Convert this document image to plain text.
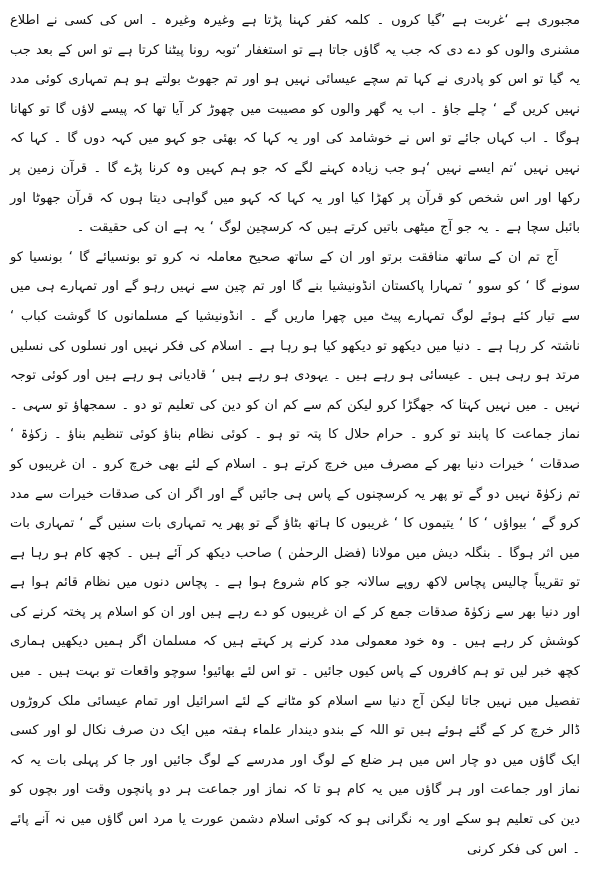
مجبوری ہے ‘غربت ہے ’گیا کروں ۔ کلمہ کفر کہنا پڑتا ہے وغیرہ وغیرہ ۔ اس کی کسی نے اطلاع مشنری والوں کو دے دی کہ جب یہ گاؤں جاتا ہے تو استغفار ‘توبہ رونا پیٹنا کرتا ہے تو اس کے بعد جب یہ گیا تو اس کو پادری نے کہا تم سچے عیسائی نہیں ہو اور تم جھوٹ بولتے ہو ہم تمہاری کوئی مدد نہیں کریں گے ‘ چلے جاؤ ۔ اب یہ گھر والوں کو مصیبت میں چھوڑ کر آیا تھا کہ پیسے لاؤں گا تو کھانا ہوگا ۔ اب کہاں جائے تو اس نے خوشامد کی اور یہ کہا کہ بھئی جو کہو میں کہہ دوں گا ۔ کہا کہ نہیں نہیں ‘تم ایسے نہیں ‘ہو جب زیادہ کہنے لگے کہ جو ہم کہیں وہ کرنا پڑے گا ۔ قرآن زمین پر رکھا اور اس شخص کو قرآن پر کھڑا کیا اور یہ کہا کہ کہو میں گواہی دیتا ہوں کہ قرآن جھوٹا اور بائبل سچا ہے ۔ یہ جو آج میٹھی باتیں کرتے ہیں کہ کرسچین لوگ ‘ یہ ہے ان کی حقیقت ۔

آج تم ان کے ساتھ منافقت برتو اور ان کے ساتھ صحیح معاملہ نہ کرو تو بونسیائے گا ‘ بونسیا کو سونے گا ‘ کو سوو ‘ تمہارا پاکستان انڈونیشیا بنے گا اور تم چین سے نہیں رہو گے اور تمہارے ہی میں سے تیار کئے ہوئے لوگ تمہارے پیٹ میں چھرا ماریں گے ۔ انڈونیشیا کے مسلمانوں کا گوشت کباب ‘ ناشتہ کر رہا ہے ۔ دنیا میں دیکھو تو دیکھو کیا ہو رہا ہے ۔ اسلام کی فکر نہیں اور نسلوں کی نسلیں مرتد ہو رہی ہیں ۔ عیسائی ہو رہے ہیں ۔ یہودی ہو رہے ہیں ‘ قادیانی ہو رہے ہیں اور کوئی توجہ نہیں ۔ میں نہیں کہتا کہ جھگڑا کرو لیکن کم سے کم ان کو دین کی تعلیم تو دو ۔ سمجھاؤ تو سہی ۔ نماز جماعت کا پابند تو کرو ۔ حرام حلال کا پتہ تو ہو ۔ کوئی نظام بناؤ کوئی تنظیم بناؤ ۔ زکوٰۃ ‘ صدقات ‘ خیرات دنیا بھر کے مصرف میں خرچ کرتے ہو ۔ اسلام کے لئے بھی خرچ کرو ۔ ان غریبوں کو تم زکوٰۃ نہیں دو گے تو پھر یہ کرسچنوں کے پاس ہی جائیں گے اور اگر ان کی صدقات خیرات سے مدد کرو گے ‘ بیواؤں ‘ کا ‘ یتیموں کا ‘ غریبوں کا ہاتھ بٹاؤ گے تو پھر یہ تمہاری بات سنیں گے ‘ تمہاری بات میں اثر ہوگا ۔ بنگلہ دیش میں مولانا (فضل الرحمٰن ) صاحب دیکھ کر آئے ہیں ۔ کچھ کام ہو رہا ہے تو تقریباً چالیس پچاس لاکھ روپے سالانہ جو کام شروع ہوا ہے ۔ پچاس دنوں میں نظام قائم ہوا ہے اور دنیا بھر سے زکوٰۃ صدقات جمع کر کے ان غریبوں کو دے رہے ہیں اور ان کو اسلام پر پختہ کرنے کی کوشش کر رہے ہیں ۔ وہ خود معمولی مدد کرنے پر کہتے ہیں کہ مسلمان اگر ہمیں دیکھیں ہماری کچھ خبر لیں تو ہم کافروں کے پاس کیوں جائیں ۔ تو اس لئے بھائیو! سوچو واقعات تو بہت ہیں ۔ میں تفصیل میں نہیں جاتا لیکن آج دنیا سے اسلام کو مٹانے کے لئے اسرائیل اور تمام عیسائی ملک کروڑوں ڈالر خرچ کر کے گئے ہوئے ہیں تو اللہ کے بندو دیندار علماء ہفتہ میں ایک دن صرف نکال لو اور کسی ایک گاؤں میں دو چار اس میں ہر ضلع کے لوگ اور مدرسے کے لوگ جائیں اور جا کر پہلی بات یہ کہ نماز اور جماعت اور ہر گاؤں میں یہ کام ہو تا کہ نماز اور جماعت ہر دو پانچوں وقت اور بچوں کو دین کی تعلیم ہو سکے اور یہ نگرانی ہو کہ کوئی اسلام دشمن عورت یا مرد اس گاؤں میں نہ آنے پائے ۔ اس کی فکر کرنی
